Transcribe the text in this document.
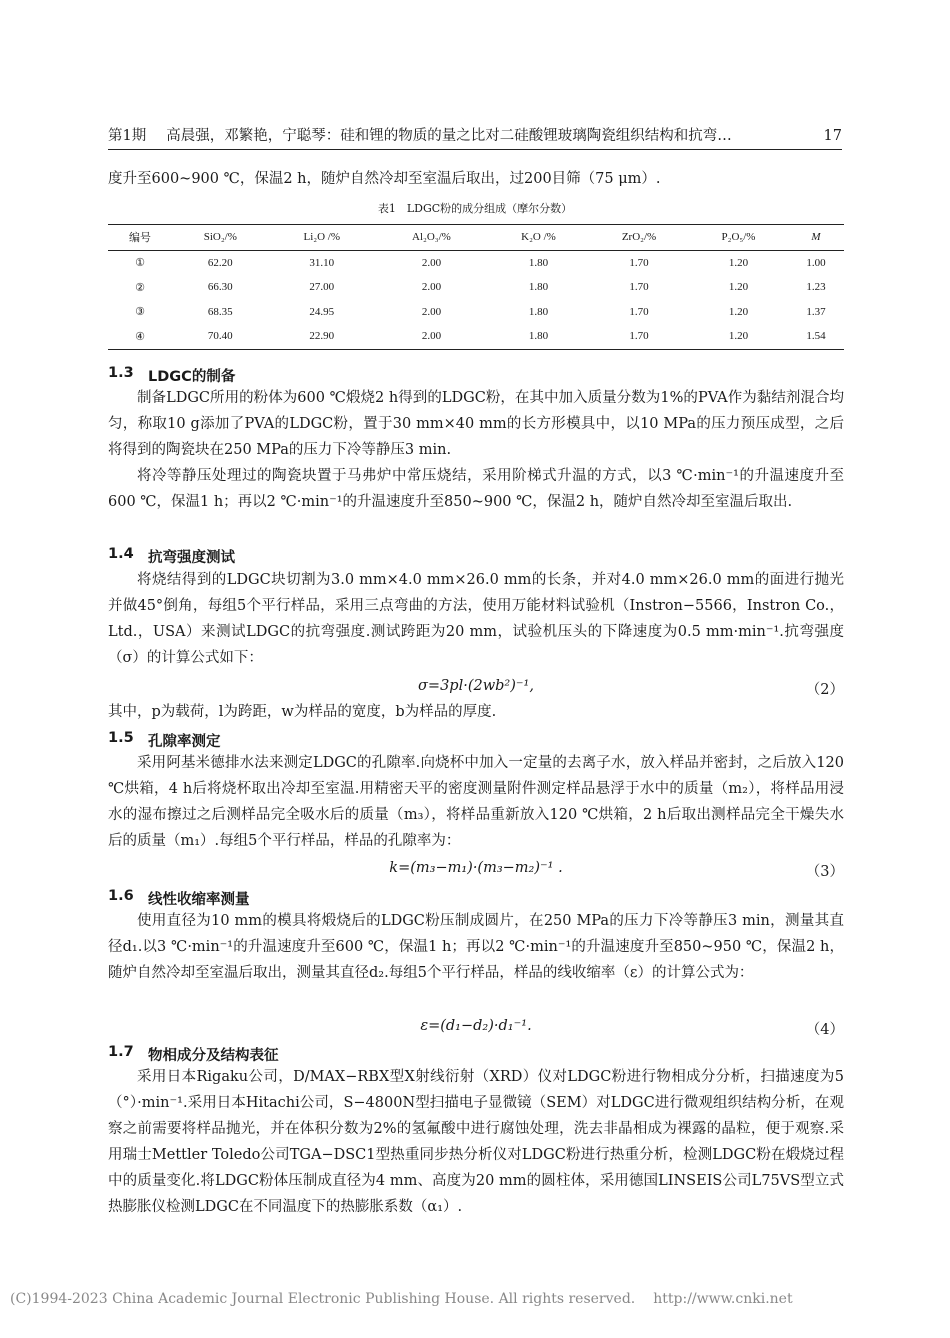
第1期 高晨强，邓繁艳，宁聪琴：硅和锂的物质的量之比对二硅酸锂玻璃陶瓷组织结构和抗弯…	17
度升至600~900 ℃，保温2 h，随炉自然冷却至室温后取出，过200目筛（75 μm）.
表1　LDGC粉的成分组成（摩尔分数）
编号	SiO₂/%	Li₂O /%	Al₂O₃/%	K₂O /%	ZrO₂/%	P₂O₅/%	M
①	62.20	31.10	2.00	1.80	1.70	1.20	1.00
②	66.30	27.00	2.00	1.80	1.70	1.20	1.23
③	68.35	24.95	2.00	1.80	1.70	1.20	1.37
④	70.40	22.90	2.00	1.80	1.70	1.20	1.54
1.3 LDGC的制备
制备LDGC所用的粉体为600 ℃煅烧2 h得到的LDGC粉，在其中加入质量分数为1%的PVA作为黏结剂混合均匀，称取10 g添加了PVA的LDGC粉，置于30 mm×40 mm的长方形模具中，以10 MPa的压力预压成型，之后将得到的陶瓷块在250 MPa的压力下冷等静压3 min.
将冷等静压处理过的陶瓷块置于马弗炉中常压烧结，采用阶梯式升温的方式，以3 ℃·min⁻¹的升温速度升至600 ℃，保温1 h；再以2 ℃·min⁻¹的升温速度升至850~900 ℃，保温2 h，随炉自然冷却至室温后取出.
1.4 抗弯强度测试
将烧结得到的LDGC块切割为3.0 mm×4.0 mm×26.0 mm的长条，并对4.0 mm×26.0 mm的面进行抛光并做45°倒角，每组5个平行样品，采用三点弯曲的方法，使用万能材料试验机（Instron−5566，Instron Co.，Ltd.，USA）来测试LDGC的抗弯强度.测试跨距为20 mm，试验机压头的下降速度为0.5 mm·min⁻¹.抗弯强度（σ）的计算公式如下：
σ=3pl·(2wb²)⁻¹,	（2）
其中，p为载荷，l为跨距，w为样品的宽度，b为样品的厚度.
1.5 孔隙率测定
采用阿基米德排水法来测定LDGC的孔隙率.向烧杯中加入一定量的去离子水，放入样品并密封，之后放入120 ℃烘箱，4 h后将烧杯取出冷却至室温.用精密天平的密度测量附件测定样品悬浮于水中的质量（m₂），将样品用浸水的湿布擦过之后测样品完全吸水后的质量（m₃），将样品重新放入120 ℃烘箱，2 h后取出测样品完全干燥失水后的质量（m₁）.每组5个平行样品，样品的孔隙率为：
k=(m₃−m₁)·(m₃−m₂)⁻¹ .	（3）
1.6 线性收缩率测量
使用直径为10 mm的模具将煅烧后的LDGC粉压制成圆片，在250 MPa的压力下冷等静压3 min，测量其直径d₁.以3 ℃·min⁻¹的升温速度升至600 ℃，保温1 h；再以2 ℃·min⁻¹的升温速度升至850~950 ℃，保温2 h，随炉自然冷却至室温后取出，测量其直径d₂.每组5个平行样品，样品的线收缩率（ε）的计算公式为：
ε=(d₁−d₂)·d₁⁻¹.	（4）
1.7 物相成分及结构表征
采用日本Rigaku公司，D/MAX−RBX型X射线衍射（XRD）仪对LDGC粉进行物相成分分析，扫描速度为5（°）·min⁻¹.采用日本Hitachi公司，S−4800N型扫描电子显微镜（SEM）对LDGC进行微观组织结构分析，在观察之前需要将样品抛光，并在体积分数为2%的氢氟酸中进行腐蚀处理，洗去非晶相成为裸露的晶粒，便于观察.采用瑞士Mettler Toledo公司TGA−DSC1型热重同步热分析仪对LDGC粉进行热重分析，检测LDGC粉在煅烧过程中的质量变化.将LDGC粉体压制成直径为4 mm、高度为20 mm的圆柱体，采用德国LINSEIS公司L75VS型立式热膨胀仪检测LDGC在不同温度下的热膨胀系数（α₁）.
(C)1994-2023 China Academic Journal Electronic Publishing House. All rights reserved. http://www.cnki.net
